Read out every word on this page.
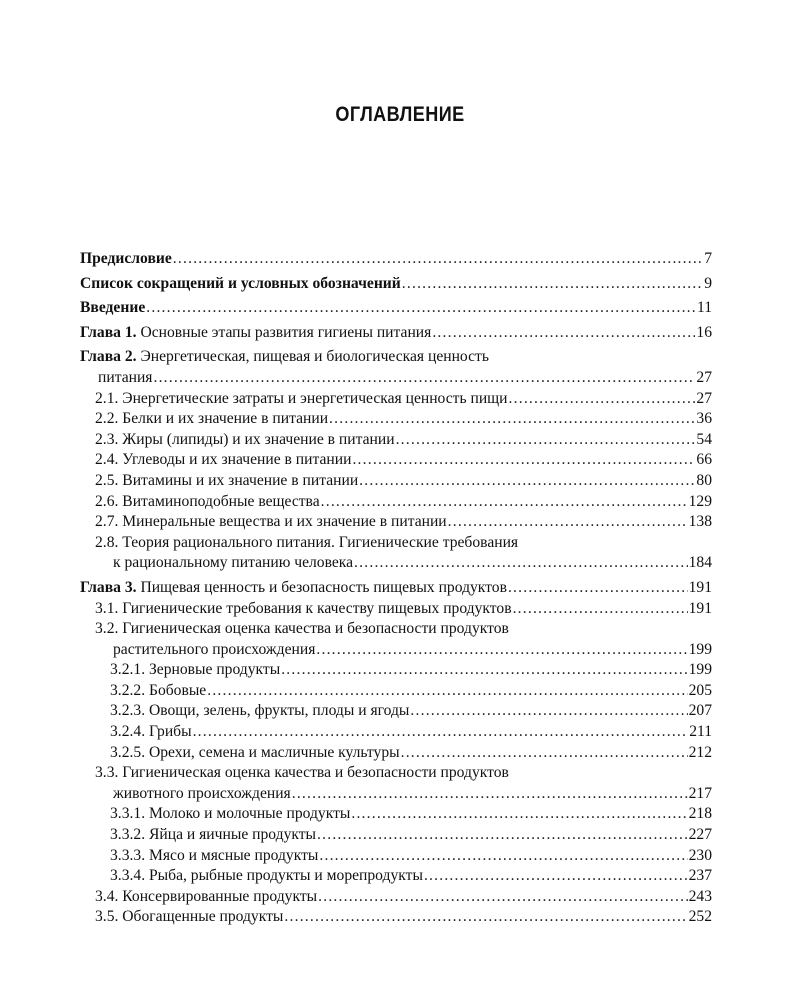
ОГЛАВЛЕНИЕ
Предисловие .....	7
Список сокращений и условных обозначений .....	9
Введение .....	11
Глава 1. Основные этапы развития гигиены питания .....	16
Глава 2. Энергетическая, пищевая и биологическая ценность
питания .....	27
2.1. Энергетические затраты и энергетическая ценность пищи .....	27
2.2. Белки и их значение в питании .....	36
2.3. Жиры (липиды) и их значение в питании .....	54
2.4. Углеводы и их значение в питании .....	66
2.5. Витамины и их значение в питании .....	80
2.6. Витаминоподобные вещества .....	129
2.7. Минеральные вещества и их значение в питании .....	138
2.8. Теория рационального питания. Гигиенические требования
к рациональному питанию человека .....	184
Глава 3. Пищевая ценность и безопасность пищевых продуктов .....	191
3.1. Гигиенические требования к качеству пищевых продуктов .....	191
3.2. Гигиеническая оценка качества и безопасности продуктов
растительного происхождения .....	199
3.2.1. Зерновые продукты .....	199
3.2.2. Бобовые .....	205
3.2.3. Овощи, зелень, фрукты, плоды и ягоды .....	207
3.2.4. Грибы .....	211
3.2.5. Орехи, семена и масличные культуры .....	212
3.3. Гигиеническая оценка качества и безопасности продуктов
животного происхождения .....	217
3.3.1. Молоко и молочные продукты .....	218
3.3.2. Яйца и яичные продукты .....	227
3.3.3. Мясо и мясные продукты .....	230
3.3.4. Рыба, рыбные продукты и морепродукты .....	237
3.4. Консервированные продукты .....	243
3.5. Обогащенные продукты .....	252
